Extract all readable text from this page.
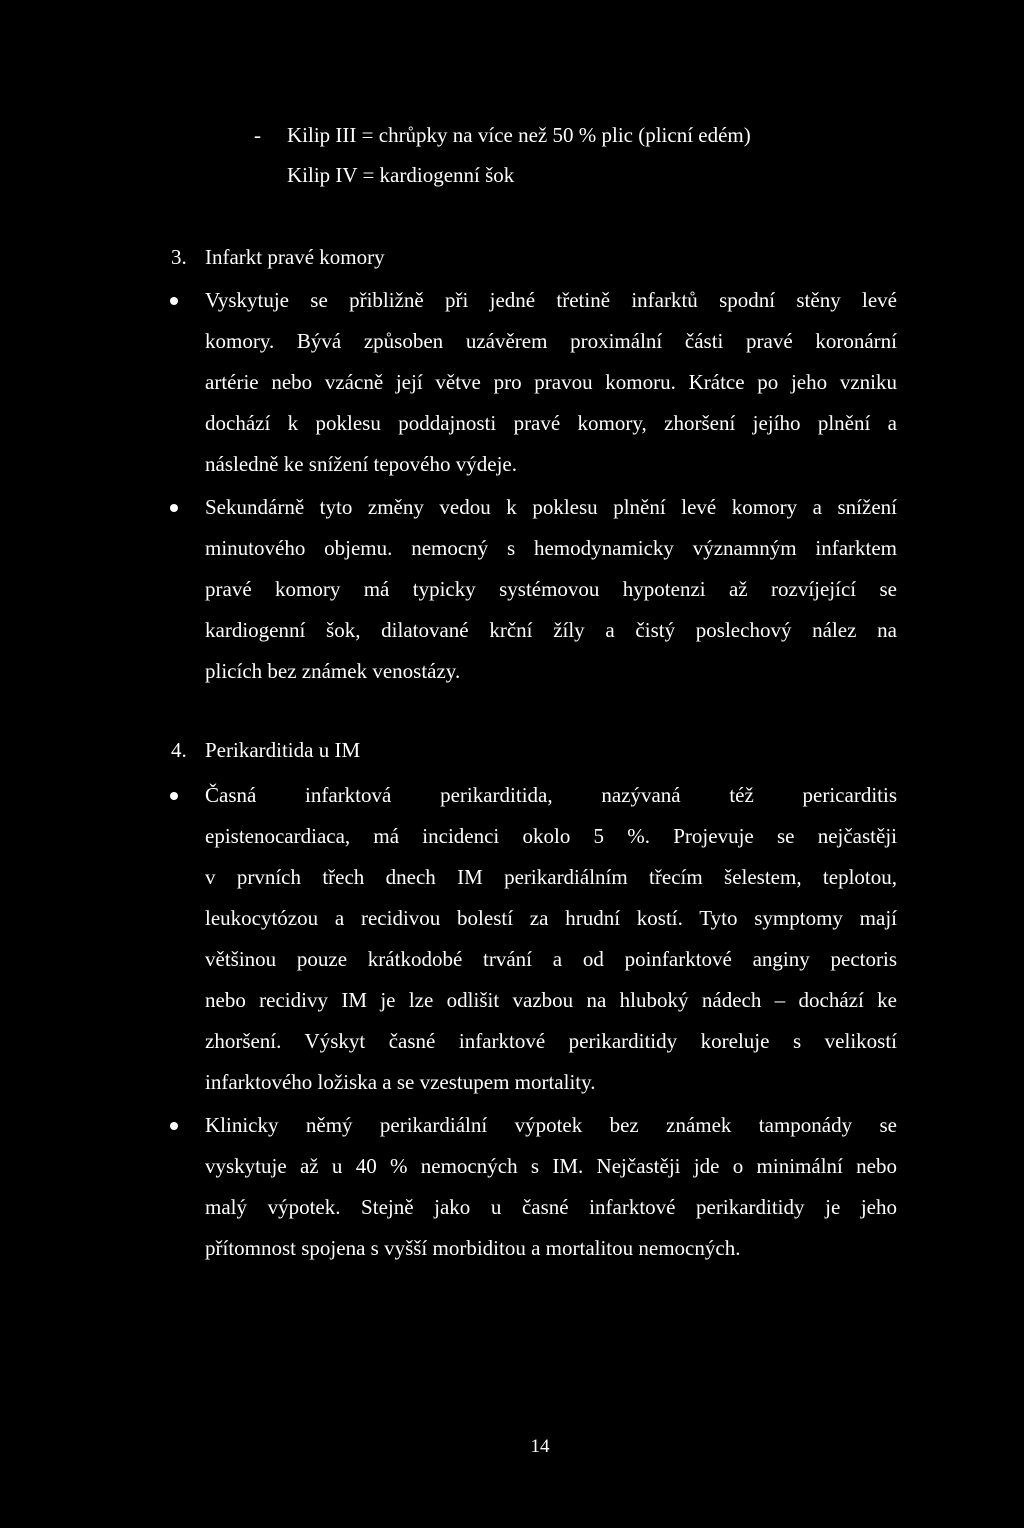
- Kilip III = chrůpky na více než 50 % plic (plicní edém)
Kilip IV = kardiogenní šok
3. Infarkt pravé komory
Vyskytuje se přibližně při jedné třetině infarktů spodní stěny levé
komory. Bývá způsoben uzávěrem proximální části pravé koronární
artérie nebo vzácně její větve pro pravou komoru. Krátce po jeho vzniku
dochází k poklesu poddajnosti pravé komory, zhoršení jejího plnění a
následně ke snížení tepového výdeje.
Sekundárně tyto změny vedou k poklesu plnění levé komory a snížení
minutového objemu. nemocný s hemodynamicky významným infarktem
pravé komory má typicky systémovou hypotenzi až rozvíjející se
kardiogenní šok, dilatované krční žíly a čistý poslechový nález na
plicích bez známek venostázy.
4. Perikarditida u IM
Časná infarktová perikarditida, nazývaná též pericarditis
epistenocardiaca, má incidenci okolo 5 %. Projevuje se nejčastěji
v prvních třech dnech IM perikardiálním třecím šelestem, teplotou,
leukocytózou a recidivou bolestí za hrudní kostí. Tyto symptomy mají
většinou pouze krátkodobé trvání a od poinfarktové anginy pectoris
nebo recidivy IM je lze odlišit vazbou na hluboký nádech – dochází ke
zhoršení. Výskyt časné infarktové perikarditidy koreluje s velikostí
infarktového ložiska a se vzestupem mortality.
Klinicky němý perikardiální výpotek bez známek tamponády se
vyskytuje až u 40 % nemocných s IM. Nejčastěji jde o minimální nebo
malý výpotek. Stejně jako u časné infarktové perikarditidy je jeho
přítomnost spojena s vyšší morbiditou a mortalitou nemocných.
14
